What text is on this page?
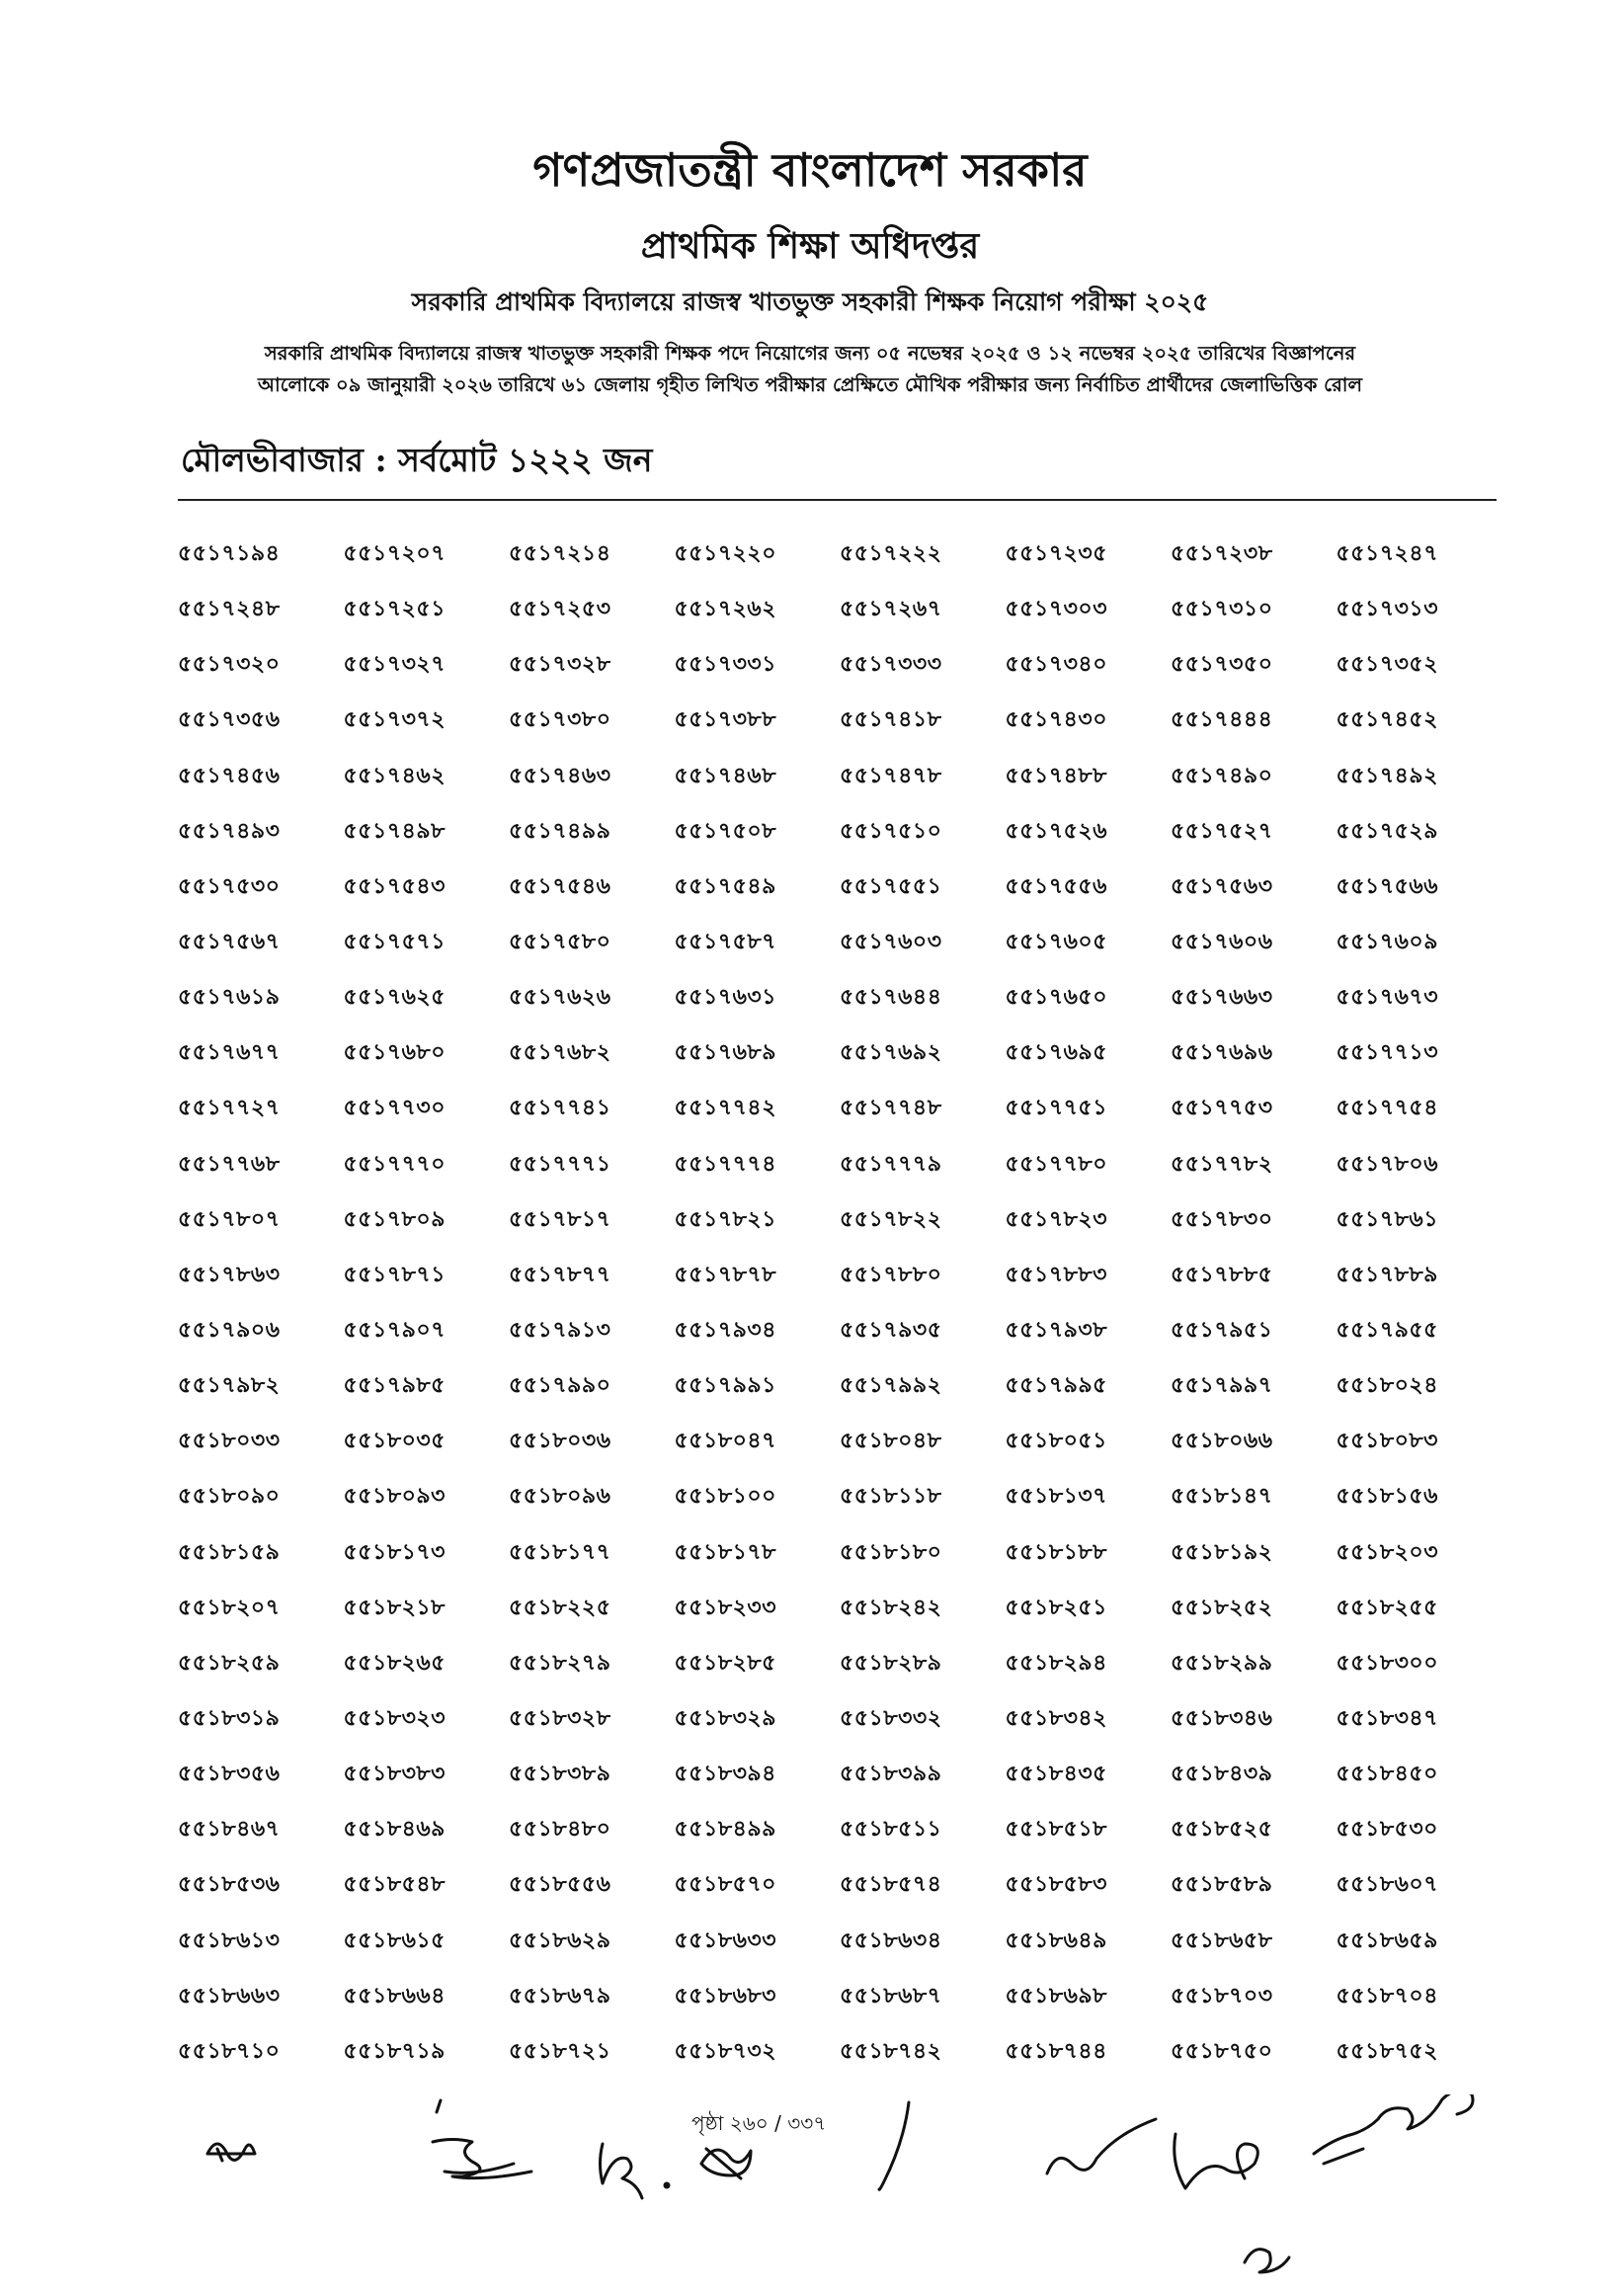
গণপ্রজাতন্ত্রী বাংলাদেশ সরকার
প্রাথমিক শিক্ষা অধিদপ্তর
সরকারি প্রাথমিক বিদ্যালয়ে রাজস্ব খাতভুক্ত সহকারী শিক্ষক নিয়োগ পরীক্ষা ২০২৫
সরকারি প্রাথমিক বিদ্যালয়ে রাজস্ব খাতভুক্ত সহকারী শিক্ষক পদে নিয়োগের জন্য ০৫ নভেম্বর ২০২৫ ও ১২ নভেম্বর ২০২৫ তারিখের বিজ্ঞাপনের
আলোকে ০৯ জানুয়ারী ২০২৬ তারিখে ৬১ জেলায় গৃহীত লিখিত পরীক্ষার প্রেক্ষিতে মৌখিক পরীক্ষার জন্য নির্বাচিত প্রার্থীদের জেলাভিত্তিক রোল
মৌলভীবাজার : সর্বমোট ১২২২ জন
৫৫১৭১৯৪	৫৫১৭২০৭	৫৫১৭২১৪	৫৫১৭২২০	৫৫১৭২২২	৫৫১৭২৩৫	৫৫১৭২৩৮	৫৫১৭২৪৭
৫৫১৭২৪৮	৫৫১৭২৫১	৫৫১৭২৫৩	৫৫১৭২৬২	৫৫১৭২৬৭	৫৫১৭৩০৩	৫৫১৭৩১০	৫৫১৭৩১৩
৫৫১৭৩২০	৫৫১৭৩২৭	৫৫১৭৩২৮	৫৫১৭৩৩১	৫৫১৭৩৩৩	৫৫১৭৩৪০	৫৫১৭৩৫০	৫৫১৭৩৫২
৫৫১৭৩৫৬	৫৫১৭৩৭২	৫৫১৭৩৮০	৫৫১৭৩৮৮	৫৫১৭৪১৮	৫৫১৭৪৩০	৫৫১৭৪৪৪	৫৫১৭৪৫২
৫৫১৭৪৫৬	৫৫১৭৪৬২	৫৫১৭৪৬৩	৫৫১৭৪৬৮	৫৫১৭৪৭৮	৫৫১৭৪৮৮	৫৫১৭৪৯০	৫৫১৭৪৯২
৫৫১৭৪৯৩	৫৫১৭৪৯৮	৫৫১৭৪৯৯	৫৫১৭৫০৮	৫৫১৭৫১০	৫৫১৭৫২৬	৫৫১৭৫২৭	৫৫১৭৫২৯
৫৫১৭৫৩০	৫৫১৭৫৪৩	৫৫১৭৫৪৬	৫৫১৭৫৪৯	৫৫১৭৫৫১	৫৫১৭৫৫৬	৫৫১৭৫৬৩	৫৫১৭৫৬৬
৫৫১৭৫৬৭	৫৫১৭৫৭১	৫৫১৭৫৮০	৫৫১৭৫৮৭	৫৫১৭৬০৩	৫৫১৭৬০৫	৫৫১৭৬০৬	৫৫১৭৬০৯
৫৫১৭৬১৯	৫৫১৭৬২৫	৫৫১৭৬২৬	৫৫১৭৬৩১	৫৫১৭৬৪৪	৫৫১৭৬৫০	৫৫১৭৬৬৩	৫৫১৭৬৭৩
৫৫১৭৬৭৭	৫৫১৭৬৮০	৫৫১৭৬৮২	৫৫১৭৬৮৯	৫৫১৭৬৯২	৫৫১৭৬৯৫	৫৫১৭৬৯৬	৫৫১৭৭১৩
৫৫১৭৭২৭	৫৫১৭৭৩০	৫৫১৭৭৪১	৫৫১৭৭৪২	৫৫১৭৭৪৮	৫৫১৭৭৫১	৫৫১৭৭৫৩	৫৫১৭৭৫৪
৫৫১৭৭৬৮	৫৫১৭৭৭০	৫৫১৭৭৭১	৫৫১৭৭৭৪	৫৫১৭৭৭৯	৫৫১৭৭৮০	৫৫১৭৭৮২	৫৫১৭৮০৬
৫৫১৭৮০৭	৫৫১৭৮০৯	৫৫১৭৮১৭	৫৫১৭৮২১	৫৫১৭৮২২	৫৫১৭৮২৩	৫৫১৭৮৩০	৫৫১৭৮৬১
৫৫১৭৮৬৩	৫৫১৭৮৭১	৫৫১৭৮৭৭	৫৫১৭৮৭৮	৫৫১৭৮৮০	৫৫১৭৮৮৩	৫৫১৭৮৮৫	৫৫১৭৮৮৯
৫৫১৭৯০৬	৫৫১৭৯০৭	৫৫১৭৯১৩	৫৫১৭৯৩৪	৫৫১৭৯৩৫	৫৫১৭৯৩৮	৫৫১৭৯৫১	৫৫১৭৯৫৫
৫৫১৭৯৮২	৫৫১৭৯৮৫	৫৫১৭৯৯০	৫৫১৭৯৯১	৫৫১৭৯৯২	৫৫১৭৯৯৫	৫৫১৭৯৯৭	৫৫১৮০২৪
৫৫১৮০৩৩	৫৫১৮০৩৫	৫৫১৮০৩৬	৫৫১৮০৪৭	৫৫১৮০৪৮	৫৫১৮০৫১	৫৫১৮০৬৬	৫৫১৮০৮৩
৫৫১৮০৯০	৫৫১৮০৯৩	৫৫১৮০৯৬	৫৫১৮১০০	৫৫১৮১১৮	৫৫১৮১৩৭	৫৫১৮১৪৭	৫৫১৮১৫৬
৫৫১৮১৫৯	৫৫১৮১৭৩	৫৫১৮১৭৭	৫৫১৮১৭৮	৫৫১৮১৮০	৫৫১৮১৮৮	৫৫১৮১৯২	৫৫১৮২০৩
৫৫১৮২০৭	৫৫১৮২১৮	৫৫১৮২২৫	৫৫১৮২৩৩	৫৫১৮২৪২	৫৫১৮২৫১	৫৫১৮২৫২	৫৫১৮২৫৫
৫৫১৮২৫৯	৫৫১৮২৬৫	৫৫১৮২৭৯	৫৫১৮২৮৫	৫৫১৮২৮৯	৫৫১৮২৯৪	৫৫১৮২৯৯	৫৫১৮৩০০
৫৫১৮৩১৯	৫৫১৮৩২৩	৫৫১৮৩২৮	৫৫১৮৩২৯	৫৫১৮৩৩২	৫৫১৮৩৪২	৫৫১৮৩৪৬	৫৫১৮৩৪৭
৫৫১৮৩৫৬	৫৫১৮৩৮৩	৫৫১৮৩৮৯	৫৫১৮৩৯৪	৫৫১৮৩৯৯	৫৫১৮৪৩৫	৫৫১৮৪৩৯	৫৫১৮৪৫০
৫৫১৮৪৬৭	৫৫১৮৪৬৯	৫৫১৮৪৮০	৫৫১৮৪৯৯	৫৫১৮৫১১	৫৫১৮৫১৮	৫৫১৮৫২৫	৫৫১৮৫৩০
৫৫১৮৫৩৬	৫৫১৮৫৪৮	৫৫১৮৫৫৬	৫৫১৮৫৭০	৫৫১৮৫৭৪	৫৫১৮৫৮৩	৫৫১৮৫৮৯	৫৫১৮৬০৭
৫৫১৮৬১৩	৫৫১৮৬১৫	৫৫১৮৬২৯	৫৫১৮৬৩৩	৫৫১৮৬৩৪	৫৫১৮৬৪৯	৫৫১৮৬৫৮	৫৫১৮৬৫৯
৫৫১৮৬৬৩	৫৫১৮৬৬৪	৫৫১৮৬৭৯	৫৫১৮৬৮৩	৫৫১৮৬৮৭	৫৫১৮৬৯৮	৫৫১৮৭০৩	৫৫১৮৭০৪
৫৫১৮৭১০	৫৫১৮৭১৯	৫৫১৮৭২১	৫৫১৮৭৩২	৫৫১৮৭৪২	৫৫১৮৭৪৪	৫৫১৮৭৫০	৫৫১৮৭৫২
পৃষ্ঠা ২৬০ / ৩৩৭
